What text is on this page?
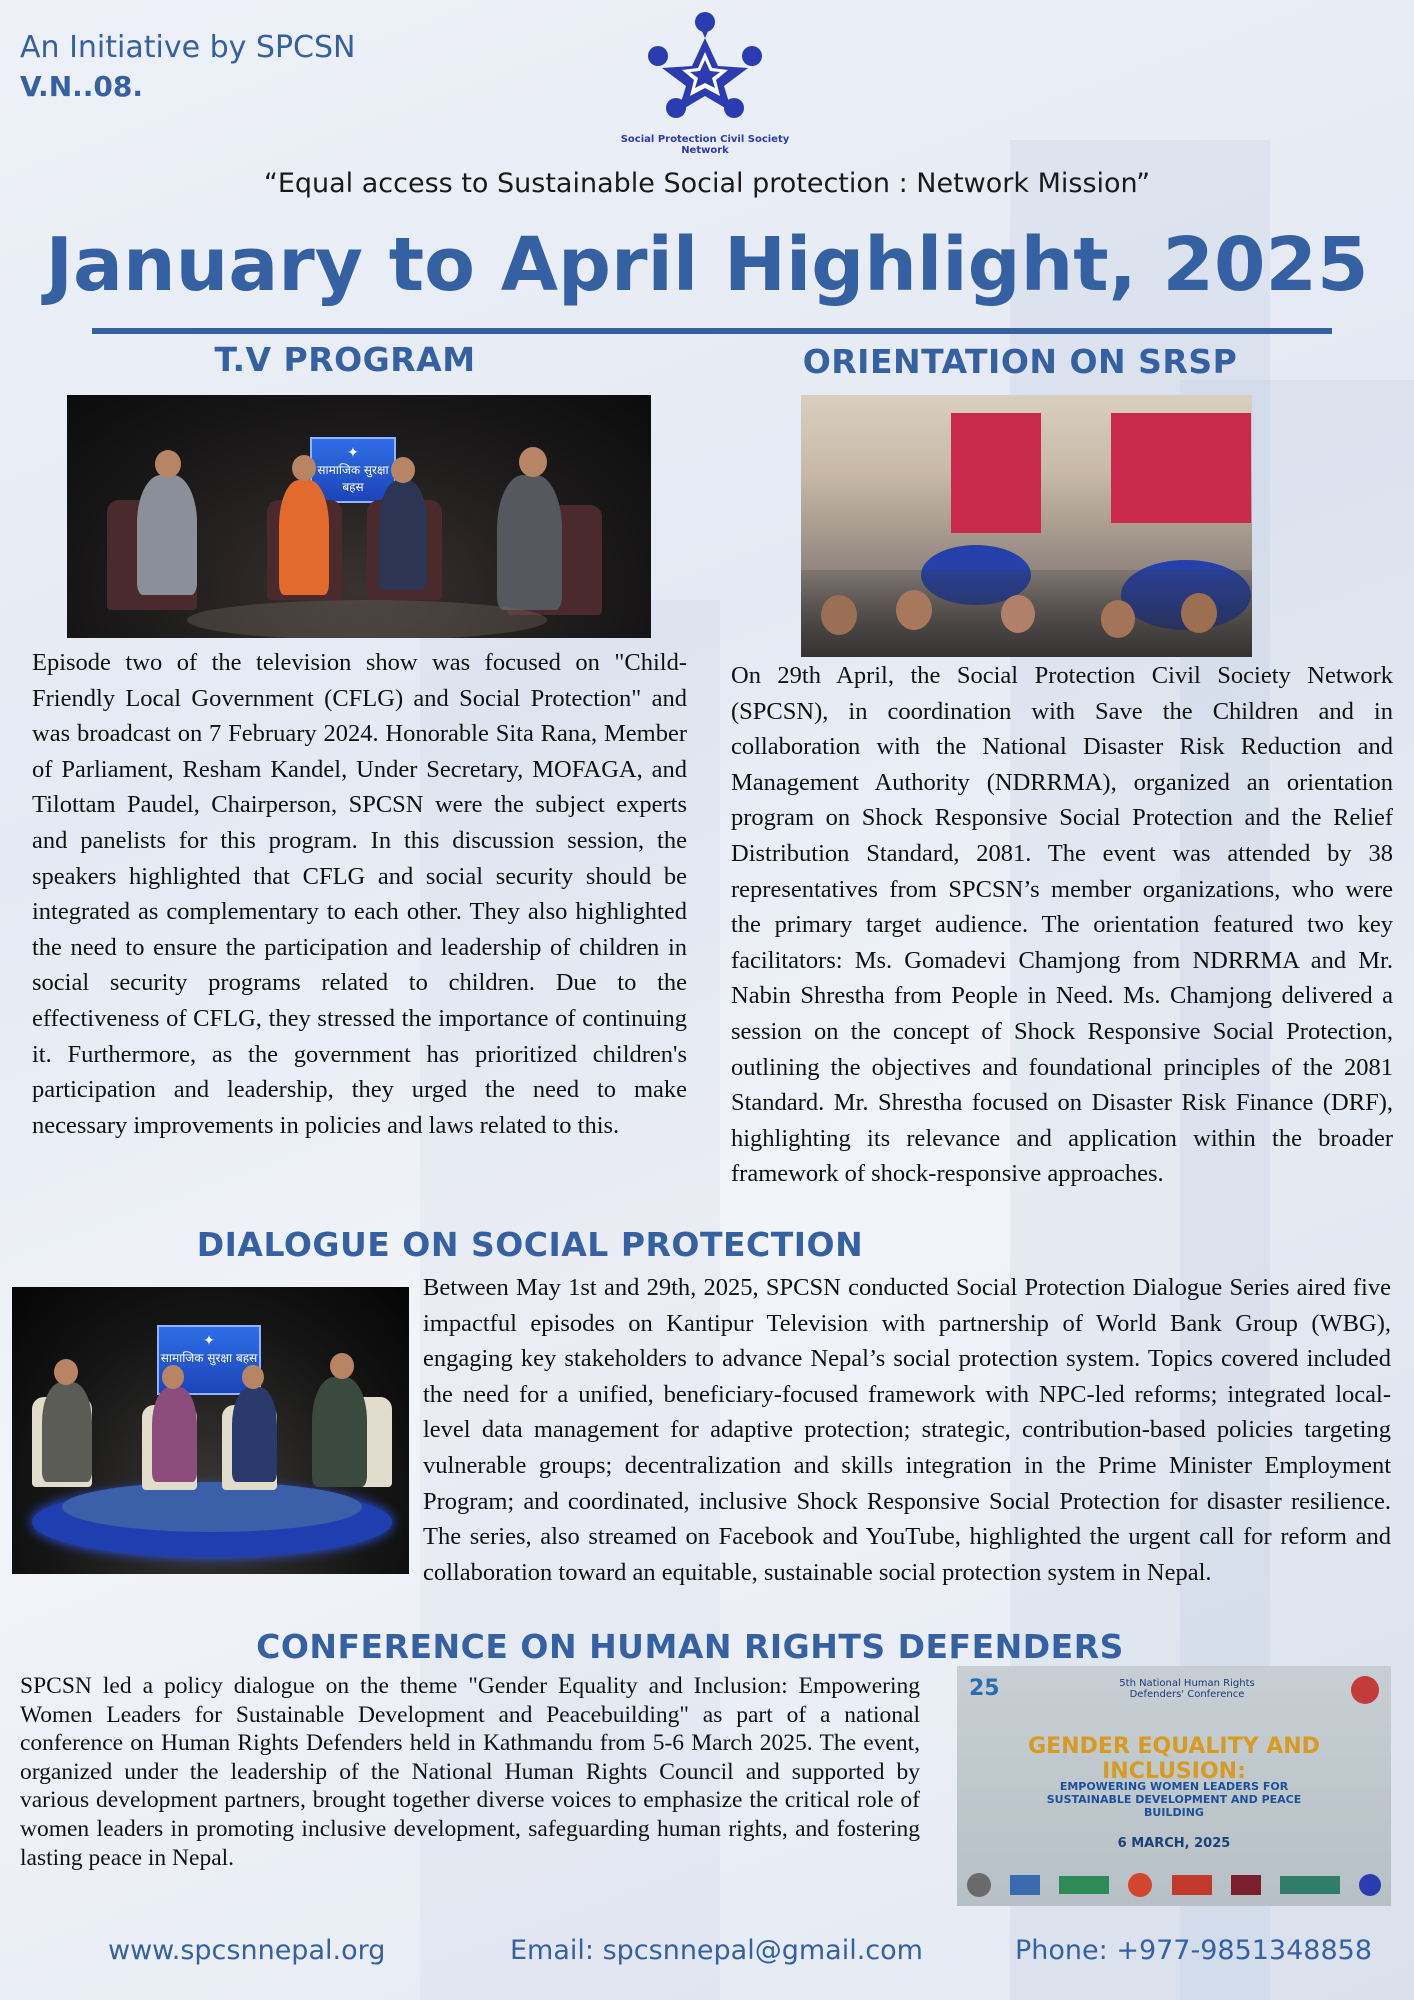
An Initiative by SPCSN
V.N..08.
Social Protection Civil Society Network
“Equal access to Sustainable Social protection : Network Mission”
January to April Highlight, 2025
T.V PROGRAM
✦
सामाजिक सुरक्षा बहस
Episode two of the television show was focused on "Child-Friendly Local Government (CFLG) and Social Protection" and was broadcast on 7 February 2024. Honorable Sita Rana, Member of Parliament, Resham Kandel, Under Secretary, MOFAGA, and Tilottam Paudel, Chairperson, SPCSN were the subject experts and panelists for this program. In this discussion session, the speakers highlighted that CFLG and social security should be integrated as complementary to each other. They also highlighted the need to ensure the participation and leadership of children in social security programs related to children. Due to the effectiveness of CFLG, they stressed the importance of continuing it. Furthermore, as the government has prioritized children's participation and leadership, they urged the need to make necessary improvements in policies and laws related to this.
ORIENTATION ON SRSP
On 29th April, the Social Protection Civil Society Network (SPCSN), in coordination with Save the Children and in collaboration with the National Disaster Risk Reduction and Management Authority (NDRRMA), organized an orientation program on Shock Responsive Social Protection and the Relief Distribution Standard, 2081. The event was attended by 38 representatives from SPCSN’s member organizations, who were the primary target audience. The orientation featured two key facilitators: Ms. Gomadevi Chamjong from NDRRMA and Mr. Nabin Shrestha from People in Need. Ms. Chamjong delivered a session on the concept of Shock Responsive Social Protection, outlining the objectives and foundational principles of the 2081 Standard. Mr. Shrestha focused on Disaster Risk Finance (DRF), highlighting its relevance and application within the broader framework of shock-responsive approaches.
DIALOGUE ON SOCIAL PROTECTION
✦
सामाजिक सुरक्षा बहस
Between May 1st and 29th, 2025, SPCSN conducted Social Protection Dialogue Series aired five impactful episodes on Kantipur Television with partnership of World Bank Group (WBG), engaging key stakeholders to advance Nepal’s social protection system. Topics covered included the need for a unified, beneficiary-focused framework with NPC-led reforms; integrated local-level data management for adaptive protection; strategic, contribution-based policies targeting vulnerable groups; decentralization and skills integration in the Prime Minister Employment Program; and coordinated, inclusive Shock Responsive Social Protection for disaster resilience. The series, also streamed on Facebook and YouTube, highlighted the urgent call for reform and collaboration toward an equitable, sustainable social protection system in Nepal.
CONFERENCE ON HUMAN RIGHTS DEFENDERS
SPCSN led a policy dialogue on the theme "Gender Equality and Inclusion: Empowering Women Leaders for Sustainable Development and Peacebuilding" as part of a national conference on Human Rights Defenders held in Kathmandu from 5-6 March 2025. The event, organized under the leadership of the National Human Rights Council and supported by various development partners, brought together diverse voices to emphasize the critical role of women leaders in promoting inclusive development, safeguarding human rights, and fostering lasting peace in Nepal.
25	5th National Human Rights Defenders' Conference
GENDER EQUALITY AND INCLUSION:
EMPOWERING WOMEN LEADERS FOR SUSTAINABLE DEVELOPMENT AND PEACE BUILDING
6 MARCH, 2025
www.spcsnnepal.org	Email: spcsnnepal@gmail.com	Phone: +977-9851348858
